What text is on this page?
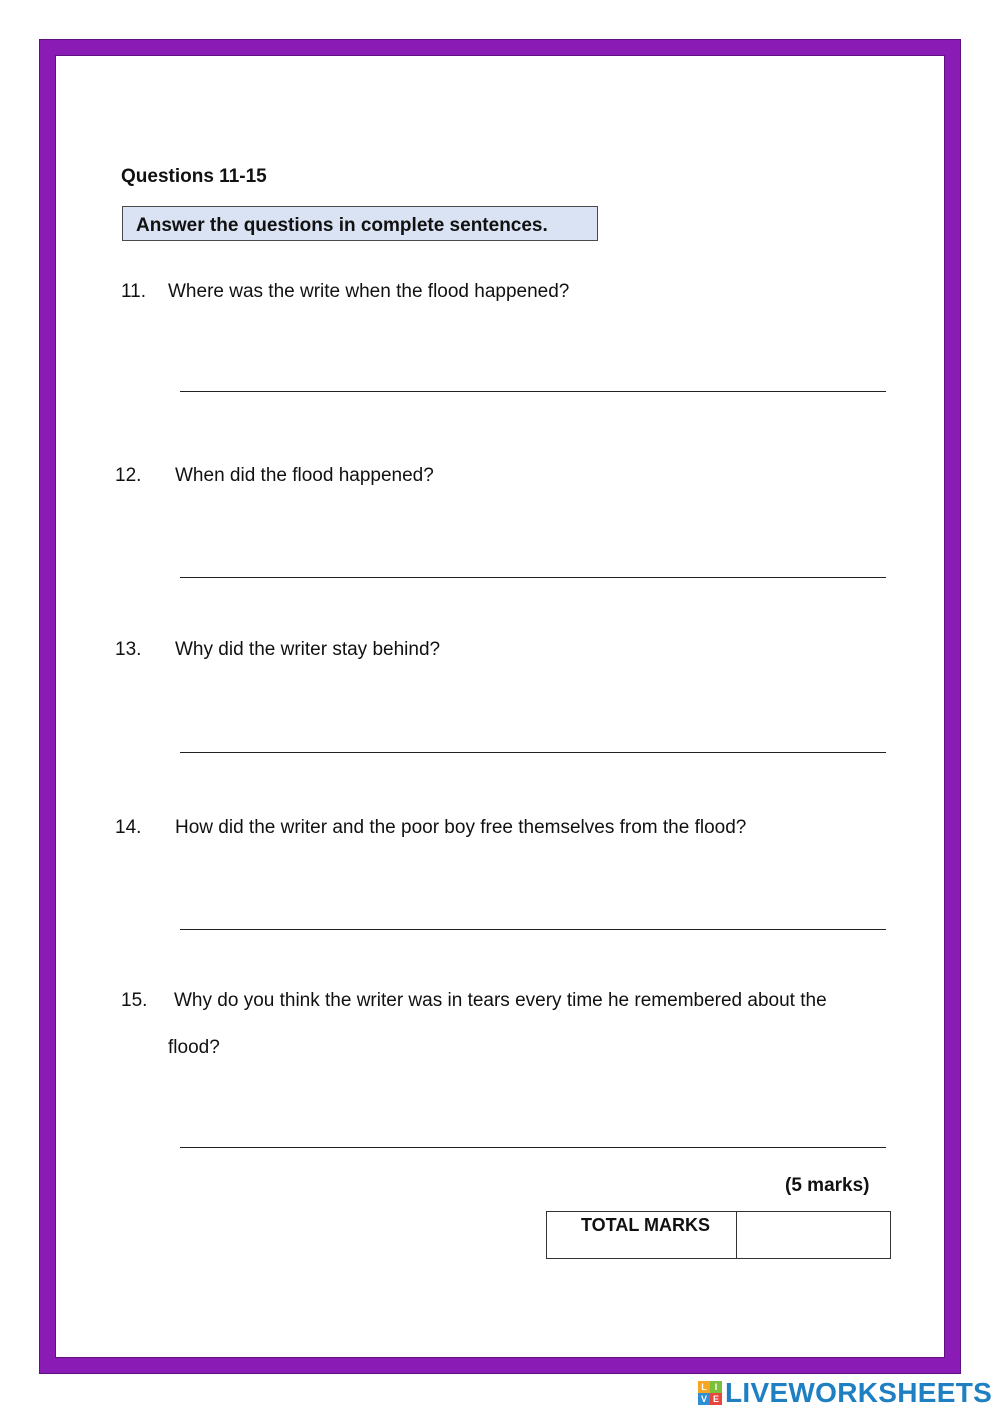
Questions 11-15
Answer the questions in complete sentences.
11. Where was the write when the flood happened?
12. When did the flood happened?
13. Why did the writer stay behind?
14. How did the writer and the poor boy free themselves from the flood?
15. Why do you think the writer was in tears every time he remembered about the
flood?
(5 marks)
TOTAL MARKS
L I
V E LIVEWORKSHEETS
